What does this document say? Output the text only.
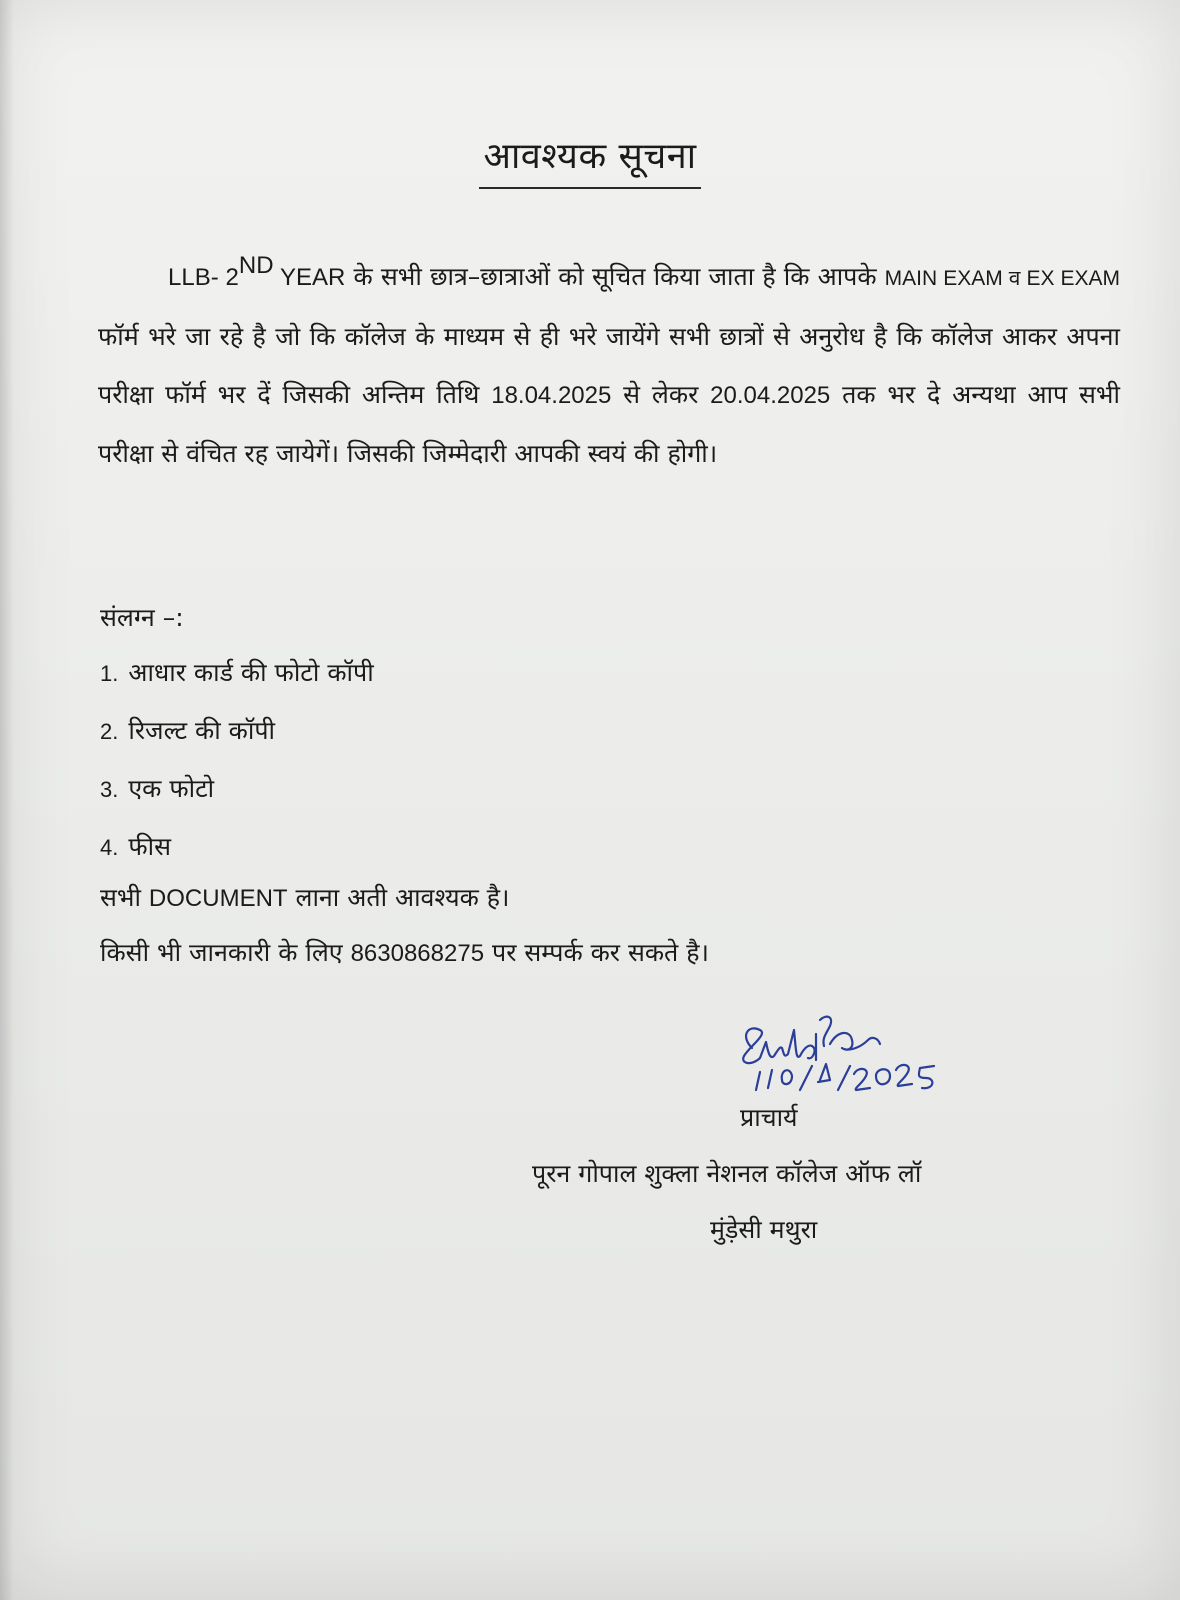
आवश्यक सूचना
LLB- 2ND YEAR के सभी छात्र–छात्राओं को सूचित किया जाता है कि आपके MAIN EXAM व EX EXAM फॉर्म भरे जा रहे है जो कि कॉलेज के माध्यम से ही भरे जायेंगे सभी छात्रों से अनुरोध है कि कॉलेज आकर अपना परीक्षा फॉर्म भर दें जिसकी अन्तिम तिथि 18.04.2025 से लेकर 20.04.2025 तक भर दे अन्यथा आप सभी परीक्षा से वंचित रह जायेगें। जिसकी जिम्मेदारी आपकी स्वयं की होगी।
संलग्न –:
1. आधार कार्ड की फोटो कॉपी
2. रिजल्ट की कॉपी
3. एक फोटो
4. फीस
सभी DOCUMENT लाना अती आवश्यक है।
किसी भी जानकारी के लिए 8630868275 पर सम्पर्क कर सकते है।
प्राचार्य
पूरन गोपाल शुक्ला नेशनल कॉलेज ऑफ लॉ
मुंड़ेसी मथुरा
